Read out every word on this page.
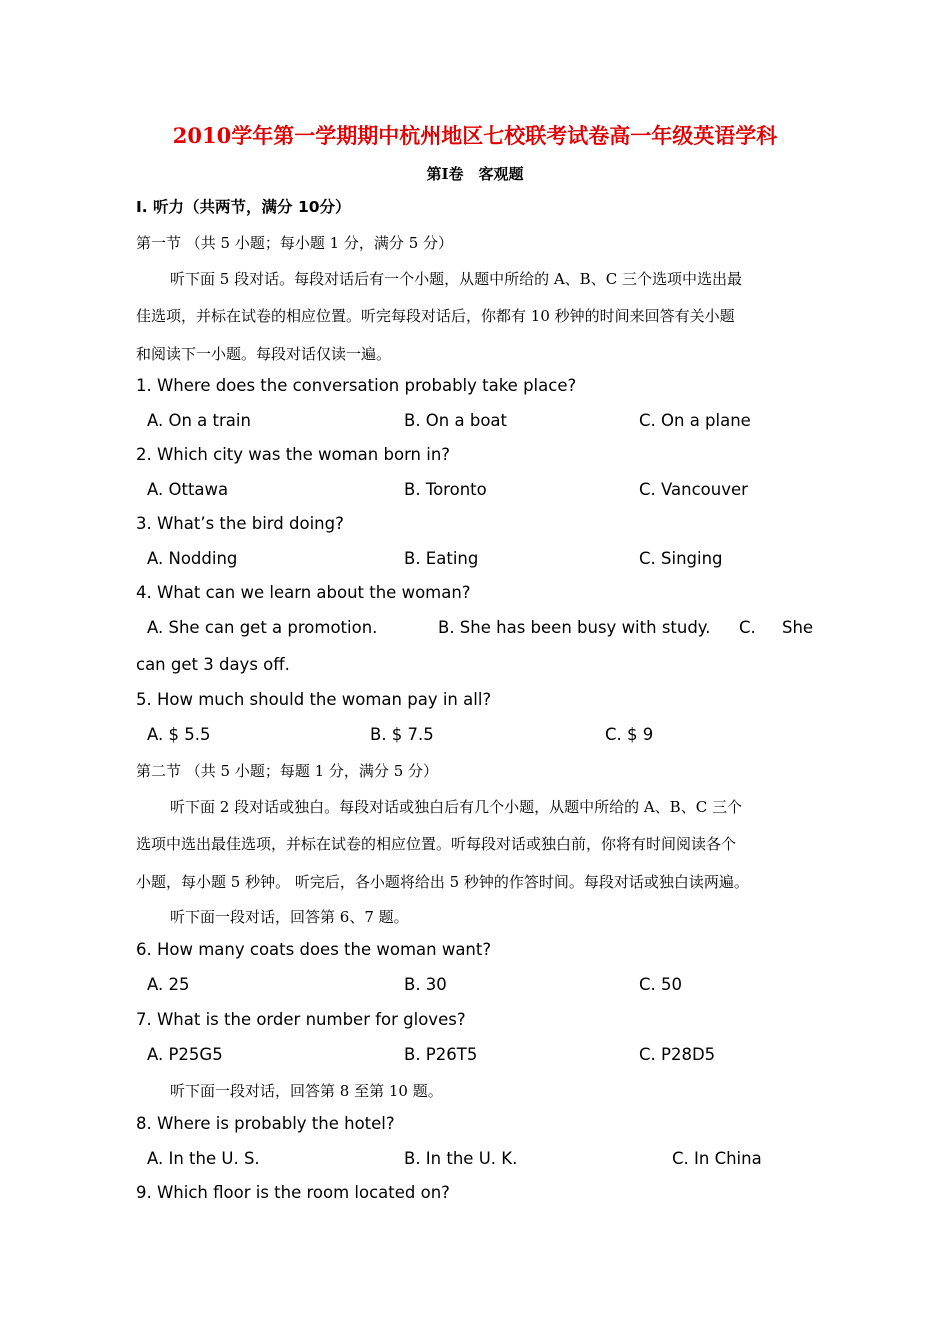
2010学年第一学期期中杭州地区七校联考试卷高一年级英语学科
第Ⅰ卷　客观题
I. 听力（共两节，满分 10分）
第一节 （共 5 小题；每小题 1 分，满分 5 分）
听下面 5 段对话。每段对话后有一个小题，从题中所给的 A、B、C 三个选项中选出最
佳选项，并标在试卷的相应位置。听完每段对话后，你都有 10 秒钟的时间来回答有关小题
和阅读下一小题。每段对话仅读一遍。
1. Where does the conversation probably take place?
A. On a train	B. On a boat	C. On a plane
2. Which city was the woman born in?
A. Ottawa	B. Toronto	C. Vancouver
3. What’s the bird doing?
A. Nodding	B. Eating	C. Singing
4. What can we learn about the woman?
A. She can get a promotion.	B. She has been busy with study. C. She
can get 3 days off.
5. How much should the woman pay in all?
A. $ 5.5	B. $ 7.5	C. $ 9
第二节 （共 5 小题；每题 1 分，满分 5 分）
听下面 2 段对话或独白。每段对话或独白后有几个小题，从题中所给的 A、B、C 三个
选项中选出最佳选项，并标在试卷的相应位置。听每段对话或独白前，你将有时间阅读各个
小题，每小题 5 秒钟。 听完后，各小题将给出 5 秒钟的作答时间。每段对话或独白读两遍。
听下面一段对话，回答第 6、7 题。
6. How many coats does the woman want?
A. 25	B. 30	C. 50
7. What is the order number for gloves?
A. P25G5	B. P26T5	C. P28D5
听下面一段对话，回答第 8 至第 10 题。
8. Where is probably the hotel?
A. In the U. S.	B. In the U. K.	C. In China
9. Which floor is the room located on?
